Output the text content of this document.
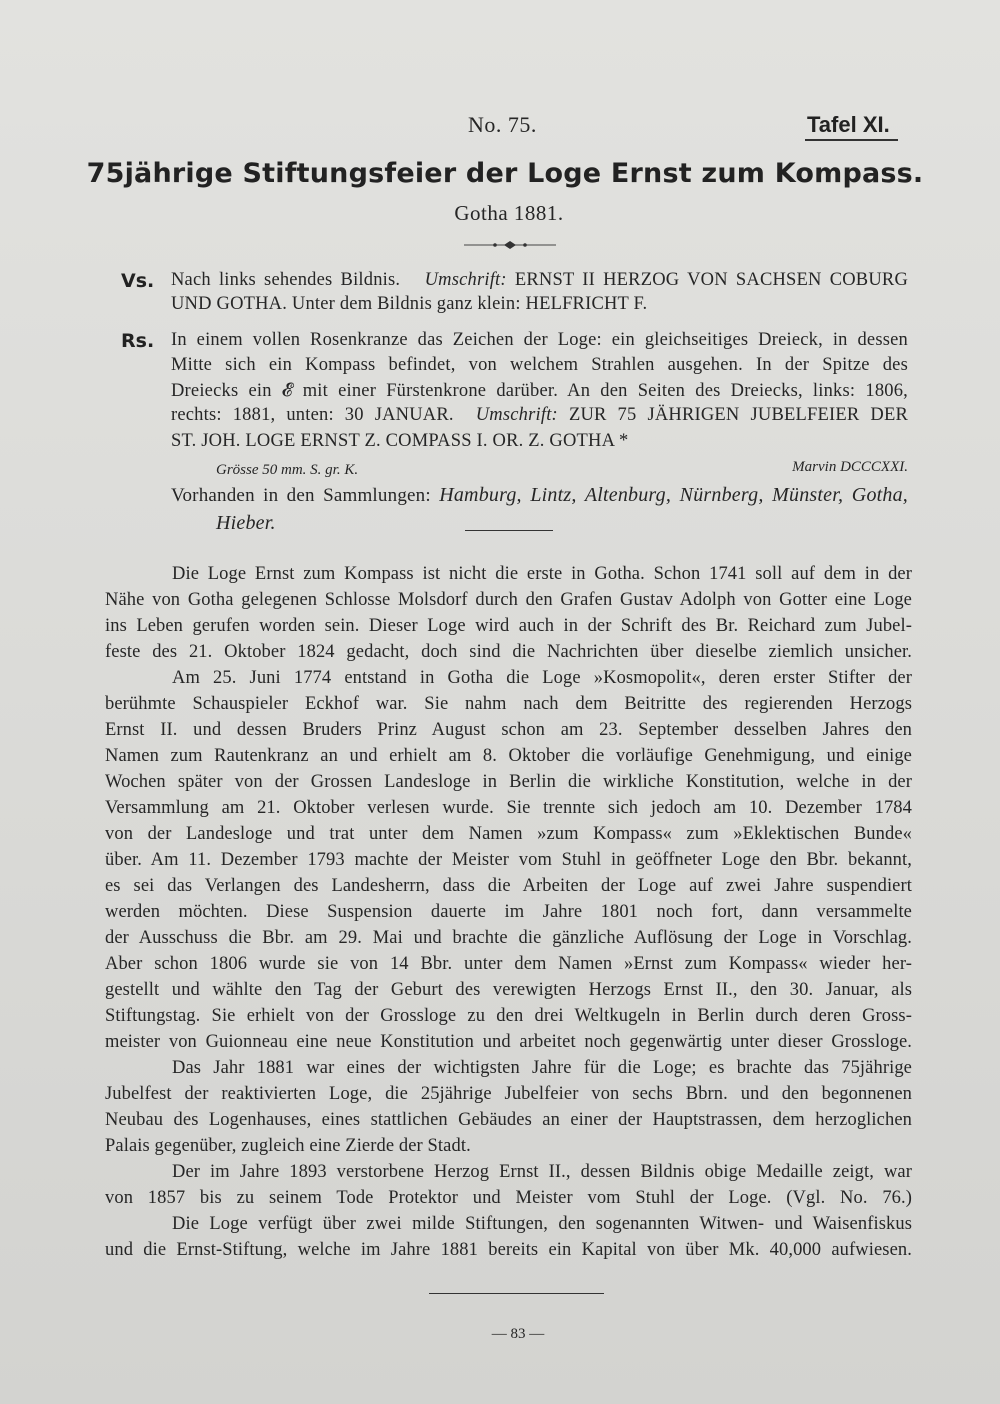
No. 75.	Tafel XI.
75jährige Stiftungsfeier der Loge Ernst zum Kompass.
Gotha 1881.
Vs. Nach links sehendes Bildnis. Umschrift: ERNST II HERZOG VON SACHSEN COBURG
UND GOTHA. Unter dem Bildnis ganz klein: HELFRICHT F.
Rs. In einem vollen Rosenkranze das Zeichen der Loge: ein gleichseitiges Dreieck, in dessen
Mitte sich ein Kompass befindet, von welchem Strahlen ausgehen. In der Spitze des
Dreiecks ein 𝓔 mit einer Fürstenkrone darüber. An den Seiten des Dreiecks, links: 1806,
rechts: 1881, unten: 30 JANUAR. Umschrift: ZUR 75 JÄHRIGEN JUBELFEIER DER
ST. JOH. LOGE ERNST Z. COMPASS I. OR. Z. GOTHA *
Grösse 50 mm. S. gr. K.	Marvin DCCCXXI.
Vorhanden in den Sammlungen: Hamburg, Lintz, Altenburg, Nürnberg, Münster, Gotha,
Hieber.
Die Loge Ernst zum Kompass ist nicht die erste in Gotha. Schon 1741 soll auf dem in der
Nähe von Gotha gelegenen Schlosse Molsdorf durch den Grafen Gustav Adolph von Gotter eine Loge
ins Leben gerufen worden sein. Dieser Loge wird auch in der Schrift des Br. Reichard zum Jubel-
feste des 21. Oktober 1824 gedacht, doch sind die Nachrichten über dieselbe ziemlich unsicher.
Am 25. Juni 1774 entstand in Gotha die Loge »Kosmopolit«, deren erster Stifter der
berühmte Schauspieler Eckhof war. Sie nahm nach dem Beitritte des regierenden Herzogs
Ernst II. und dessen Bruders Prinz August schon am 23. September desselben Jahres den
Namen zum Rautenkranz an und erhielt am 8. Oktober die vorläufige Genehmigung, und einige
Wochen später von der Grossen Landesloge in Berlin die wirkliche Konstitution, welche in der
Versammlung am 21. Oktober verlesen wurde. Sie trennte sich jedoch am 10. Dezember 1784
von der Landesloge und trat unter dem Namen »zum Kompass« zum »Eklektischen Bunde«
über. Am 11. Dezember 1793 machte der Meister vom Stuhl in geöffneter Loge den Bbr. bekannt,
es sei das Verlangen des Landesherrn, dass die Arbeiten der Loge auf zwei Jahre suspendiert
werden möchten. Diese Suspension dauerte im Jahre 1801 noch fort, dann versammelte
der Ausschuss die Bbr. am 29. Mai und brachte die gänzliche Auflösung der Loge in Vorschlag.
Aber schon 1806 wurde sie von 14 Bbr. unter dem Namen »Ernst zum Kompass« wieder her-
gestellt und wählte den Tag der Geburt des verewigten Herzogs Ernst II., den 30. Januar, als
Stiftungstag. Sie erhielt von der Grossloge zu den drei Weltkugeln in Berlin durch deren Gross-
meister von Guionneau eine neue Konstitution und arbeitet noch gegenwärtig unter dieser Grossloge.
Das Jahr 1881 war eines der wichtigsten Jahre für die Loge; es brachte das 75jährige
Jubelfest der reaktivierten Loge, die 25jährige Jubelfeier von sechs Bbrn. und den begonnenen
Neubau des Logenhauses, eines stattlichen Gebäudes an einer der Hauptstrassen, dem herzoglichen
Palais gegenüber, zugleich eine Zierde der Stadt.
Der im Jahre 1893 verstorbene Herzog Ernst II., dessen Bildnis obige Medaille zeigt, war
von 1857 bis zu seinem Tode Protektor und Meister vom Stuhl der Loge. (Vgl. No. 76.)
Die Loge verfügt über zwei milde Stiftungen, den sogenannten Witwen- und Waisenfiskus
und die Ernst-Stiftung, welche im Jahre 1881 bereits ein Kapital von über Mk. 40,000 aufwiesen.
— 83 —
